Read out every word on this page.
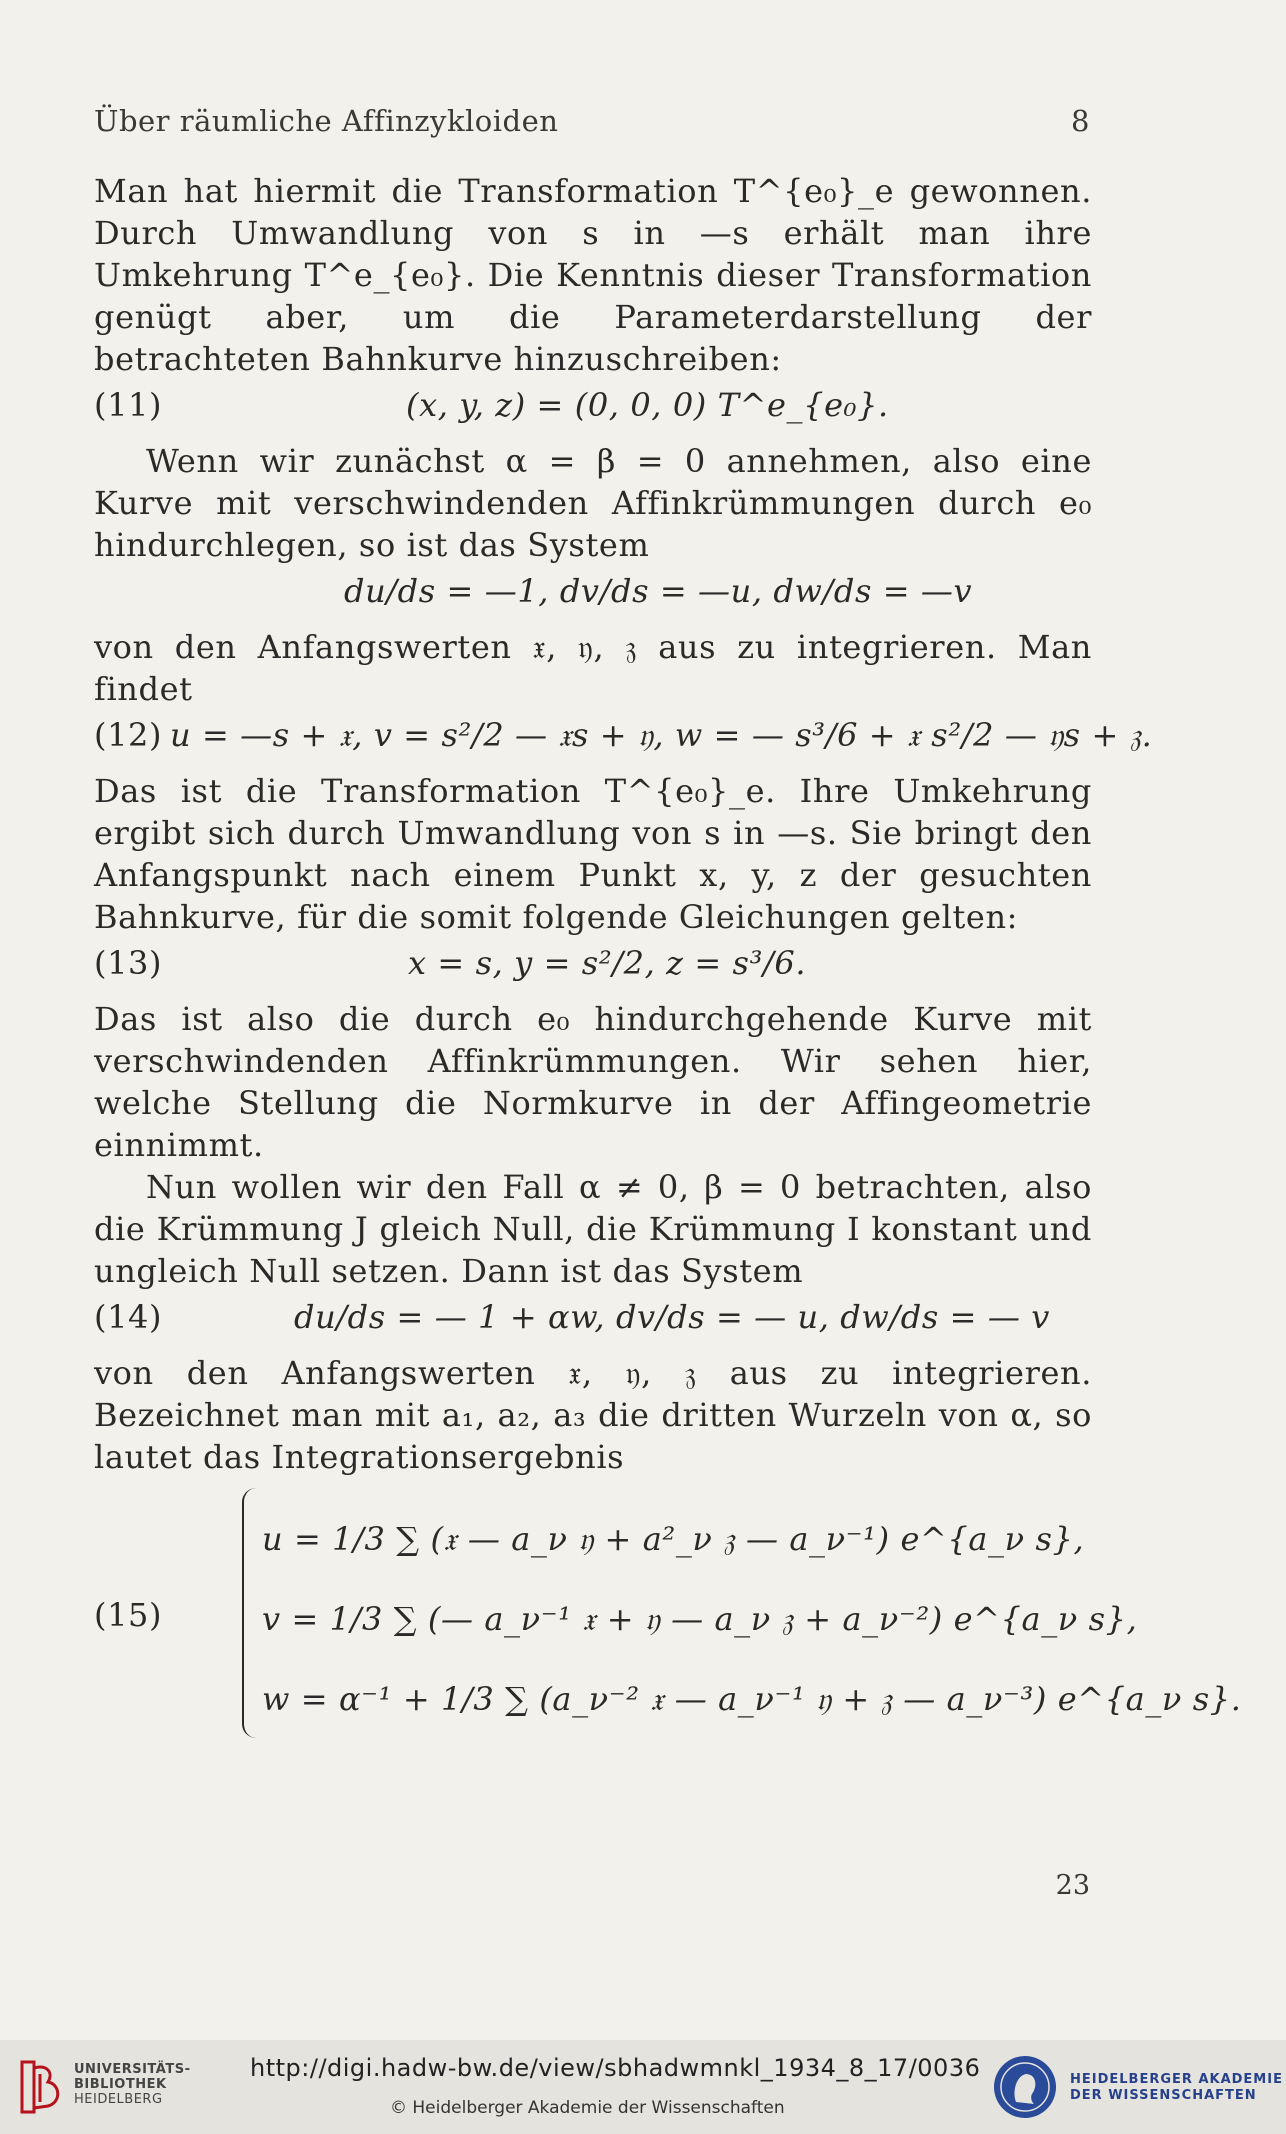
Über räumliche Affinzykloiden	8

Man hat hiermit die Transformation T^{e₀}_e gewonnen. Durch Umwandlung von s in —s erhält man ihre Umkehrung T^e_{e₀}. Die Kenntnis dieser Transformation genügt aber, um die Parameterdarstellung der betrachteten Bahnkurve hinzuschreiben:

(11)	(x, y, z) = (0, 0, 0) T^e_{e₀}.

Wenn wir zunächst α = β = 0 annehmen, also eine Kurve mit verschwindenden Affinkrümmungen durch e₀ hindurchlegen, so ist das System

du/ds = —1, dv/ds = —u, dw/ds = —v

von den Anfangswerten 𝔵, 𝔶, 𝔷 aus zu integrieren. Man findet

(12) u = —s + 𝔵, v = s²/2 — 𝔵s + 𝔶, w = — s³/6 + 𝔵 s²/2 — 𝔶s + 𝔷.

Das ist die Transformation T^{e₀}_e. Ihre Umkehrung ergibt sich durch Umwandlung von s in —s. Sie bringt den Anfangspunkt nach einem Punkt x, y, z der gesuchten Bahnkurve, für die somit folgende Gleichungen gelten:

(13)	x = s, y = s²/2, z = s³/6.

Das ist also die durch e₀ hindurchgehende Kurve mit verschwindenden Affinkrümmungen. Wir sehen hier, welche Stellung die Normkurve in der Affingeometrie einnimmt.

Nun wollen wir den Fall α ≠ 0, β = 0 betrachten, also die Krümmung J gleich Null, die Krümmung I konstant und ungleich Null setzen. Dann ist das System

(14)	du/ds = — 1 + αw, dv/ds = — u, dw/ds = — v

von den Anfangswerten 𝔵, 𝔶, 𝔷 aus zu integrieren. Bezeichnet man mit a₁, a₂, a₃ die dritten Wurzeln von α, so lautet das Integrationsergebnis

(15)
u = 1/3 ∑ (𝔵 — a_ν 𝔶 + a²_ν 𝔷 — a_ν⁻¹) e^{a_ν s},
v = 1/3 ∑ (— a_ν⁻¹ 𝔵 + 𝔶 — a_ν 𝔷 + a_ν⁻²) e^{a_ν s},
w = α⁻¹ + 1/3 ∑ (a_ν⁻² 𝔵 — a_ν⁻¹ 𝔶 + 𝔷 — a_ν⁻³) e^{a_ν s}.
23
UNIVERSITÄTS-
BIBLIOTHEK
HEIDELBERG
http://digi.hadw-bw.de/view/sbhadwmnkl_1934_8_17/0036
© Heidelberger Akademie der Wissenschaften
HEIDELBERGER AKADEMIE
DER WISSENSCHAFTEN
